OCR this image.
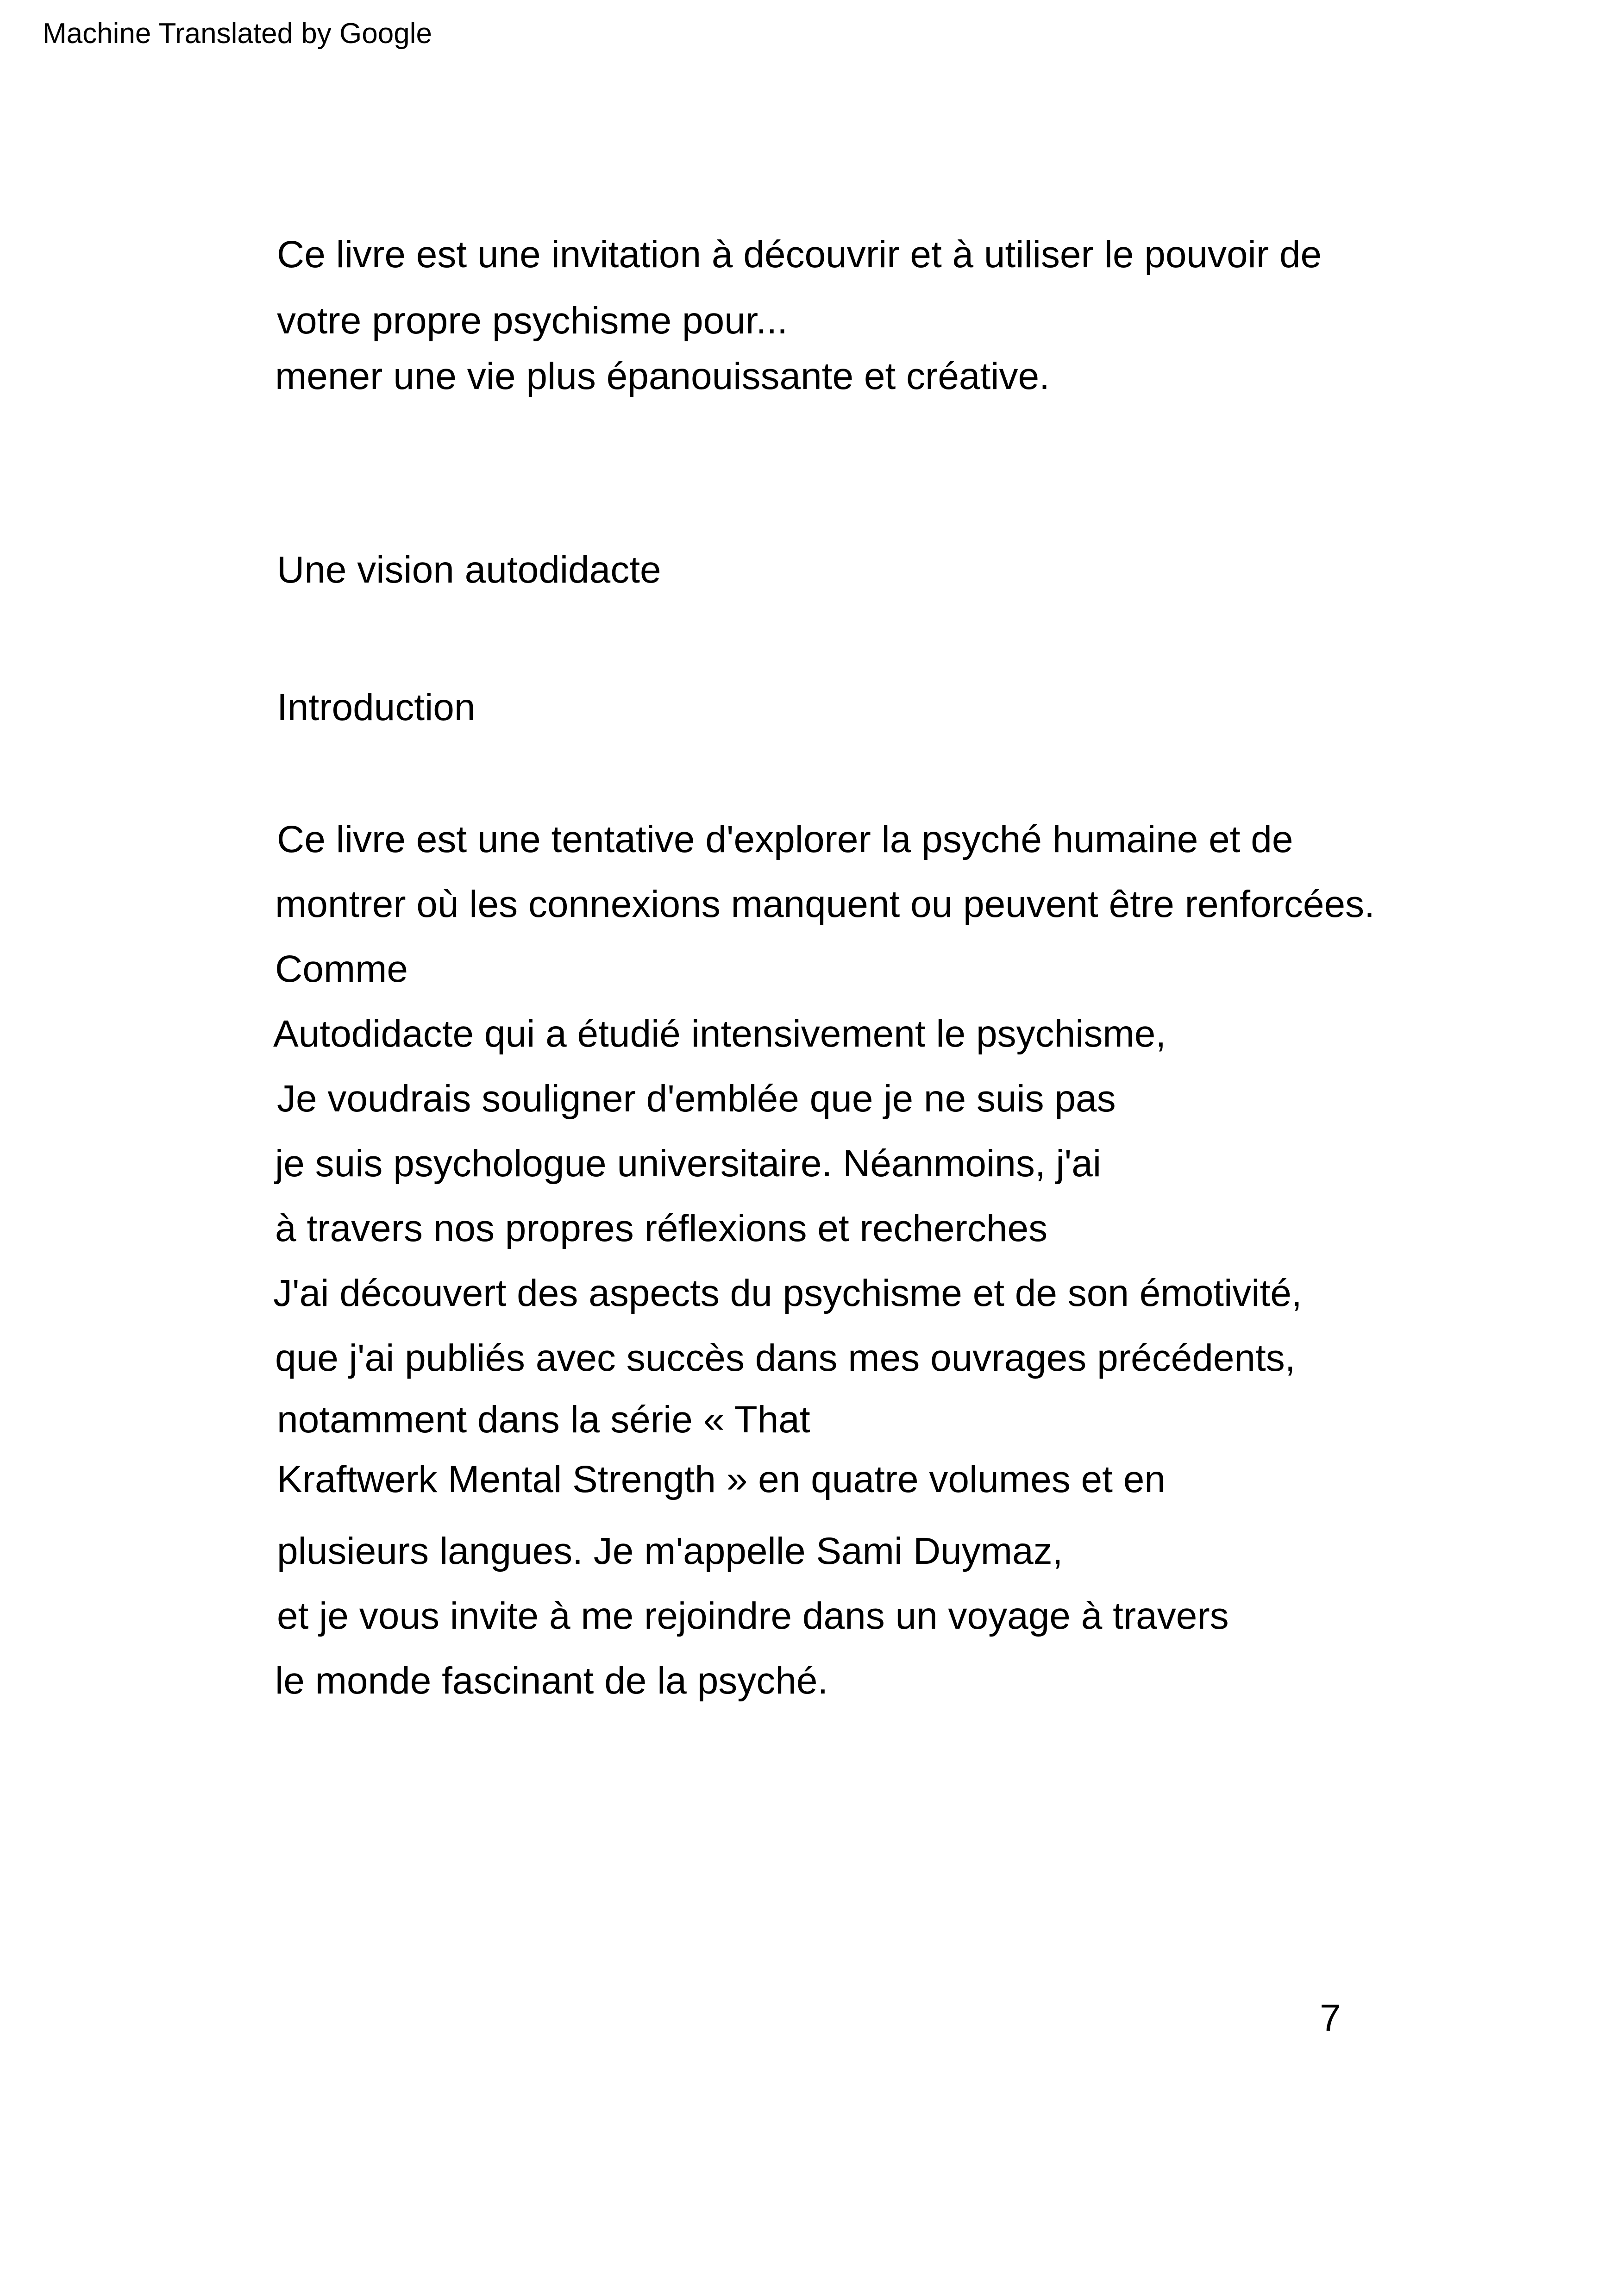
Machine Translated by Google
Ce livre est une invitation à découvrir et à utiliser le pouvoir de
votre propre psychisme pour...
mener une vie plus épanouissante et créative.
Une vision autodidacte
Introduction
Ce livre est une tentative d'explorer la psyché humaine et de
montrer où les connexions manquent ou peuvent être renforcées.
Comme
Autodidacte qui a étudié intensivement le psychisme,
Je voudrais souligner d'emblée que je ne suis pas
je suis psychologue universitaire. Néanmoins, j'ai
à travers nos propres réflexions et recherches
J'ai découvert des aspects du psychisme et de son émotivité,
que j'ai publiés avec succès dans mes ouvrages précédents,
notamment dans la série « That
Kraftwerk Mental Strength » en quatre volumes et en
plusieurs langues. Je m'appelle Sami Duymaz,
et je vous invite à me rejoindre dans un voyage à travers
le monde fascinant de la psyché.
7
